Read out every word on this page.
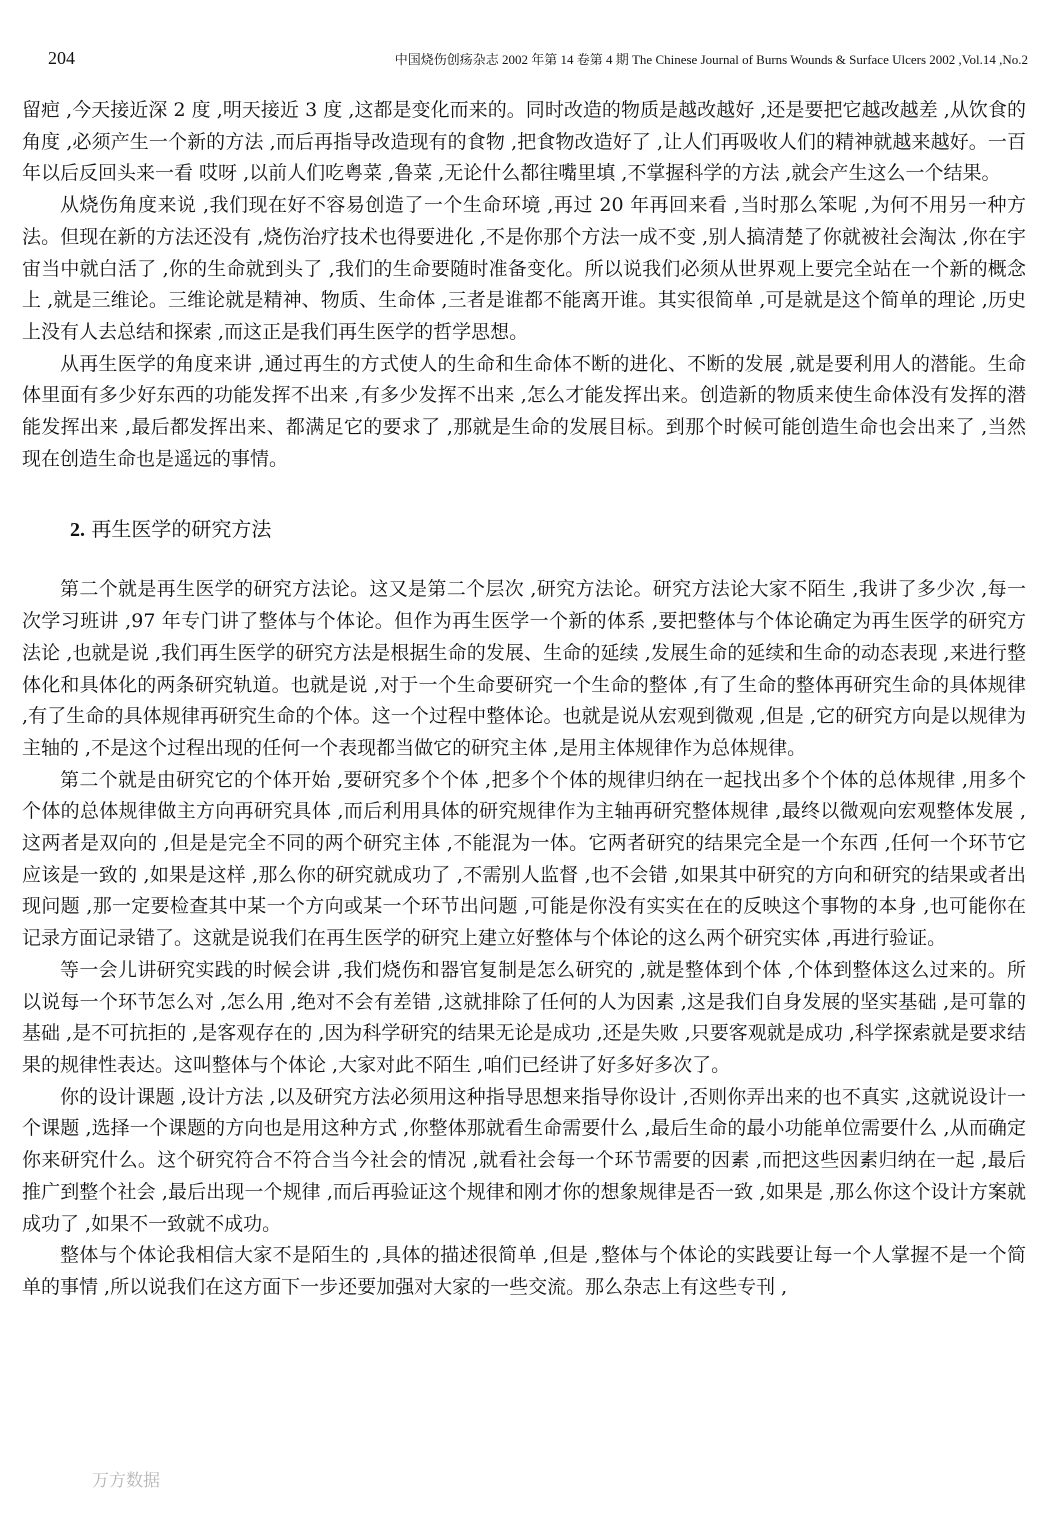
204	中国烧伤创疡杂志 2002 年第 14 卷第 4 期 The Chinese Journal of Burns Wounds & Surface Ulcers 2002 ,Vol.14 ,No.2

留疤 ,今天接近深 2 度 ,明天接近 3 度 ,这都是变化而来的。同时改造的物质是越改越好 ,还是要把它越改越差 ,从饮食的角度 ,必须产生一个新的方法 ,而后再指导改造现有的食物 ,把食物改造好了 ,让人们再吸收人们的精神就越来越好。一百年以后反回头来一看 哎呀 ,以前人们吃粤菜 ,鲁菜 ,无论什么都往嘴里填 ,不掌握科学的方法 ,就会产生这么一个结果。

从烧伤角度来说 ,我们现在好不容易创造了一个生命环境 ,再过 20 年再回来看 ,当时那么笨呢 ,为何不用另一种方法。但现在新的方法还没有 ,烧伤治疗技术也得要进化 ,不是你那个方法一成不变 ,别人搞清楚了你就被社会淘汰 ,你在宇宙当中就白活了 ,你的生命就到头了 ,我们的生命要随时准备变化。所以说我们必须从世界观上要完全站在一个新的概念上 ,就是三维论。三维论就是精神、物质、生命体 ,三者是谁都不能离开谁。其实很简单 ,可是就是这个简单的理论 ,历史上没有人去总结和探索 ,而这正是我们再生医学的哲学思想。

从再生医学的角度来讲 ,通过再生的方式使人的生命和生命体不断的进化、不断的发展 ,就是要利用人的潜能。生命体里面有多少好东西的功能发挥不出来 ,有多少发挥不出来 ,怎么才能发挥出来。创造新的物质来使生命体没有发挥的潜能发挥出来 ,最后都发挥出来、都满足它的要求了 ,那就是生命的发展目标。到那个时候可能创造生命也会出来了 ,当然现在创造生命也是遥远的事情。

2. 再生医学的研究方法

第二个就是再生医学的研究方法论。这又是第二个层次 ,研究方法论。研究方法论大家不陌生 ,我讲了多少次 ,每一次学习班讲 ,97 年专门讲了整体与个体论。但作为再生医学一个新的体系 ,要把整体与个体论确定为再生医学的研究方法论 ,也就是说 ,我们再生医学的研究方法是根据生命的发展、生命的延续 ,发展生命的延续和生命的动态表现 ,来进行整体化和具体化的两条研究轨道。也就是说 ,对于一个生命要研究一个生命的整体 ,有了生命的整体再研究生命的具体规律 ,有了生命的具体规律再研究生命的个体。这一个过程中整体论。也就是说从宏观到微观 ,但是 ,它的研究方向是以规律为主轴的 ,不是这个过程出现的任何一个表现都当做它的研究主体 ,是用主体规律作为总体规律。

第二个就是由研究它的个体开始 ,要研究多个个体 ,把多个个体的规律归纳在一起找出多个个体的总体规律 ,用多个个体的总体规律做主方向再研究具体 ,而后利用具体的研究规律作为主轴再研究整体规律 ,最终以微观向宏观整体发展 ,这两者是双向的 ,但是是完全不同的两个研究主体 ,不能混为一体。它两者研究的结果完全是一个东西 ,任何一个环节它应该是一致的 ,如果是这样 ,那么你的研究就成功了 ,不需别人监督 ,也不会错 ,如果其中研究的方向和研究的结果或者出现问题 ,那一定要检查其中某一个方向或某一个环节出问题 ,可能是你没有实实在在的反映这个事物的本身 ,也可能你在记录方面记录错了。这就是说我们在再生医学的研究上建立好整体与个体论的这么两个研究实体 ,再进行验证。

等一会儿讲研究实践的时候会讲 ,我们烧伤和器官复制是怎么研究的 ,就是整体到个体 ,个体到整体这么过来的。所以说每一个环节怎么对 ,怎么用 ,绝对不会有差错 ,这就排除了任何的人为因素 ,这是我们自身发展的坚实基础 ,是可靠的基础 ,是不可抗拒的 ,是客观存在的 ,因为科学研究的结果无论是成功 ,还是失败 ,只要客观就是成功 ,科学探索就是要求结果的规律性表达。这叫整体与个体论 ,大家对此不陌生 ,咱们已经讲了好多好多次了。

你的设计课题 ,设计方法 ,以及研究方法必须用这种指导思想来指导你设计 ,否则你弄出来的也不真实 ,这就说设计一个课题 ,选择一个课题的方向也是用这种方式 ,你整体那就看生命需要什么 ,最后生命的最小功能单位需要什么 ,从而确定你来研究什么。这个研究符合不符合当今社会的情况 ,就看社会每一个环节需要的因素 ,而把这些因素归纳在一起 ,最后推广到整个社会 ,最后出现一个规律 ,而后再验证这个规律和刚才你的想象规律是否一致 ,如果是 ,那么你这个设计方案就成功了 ,如果不一致就不成功。

整体与个体论我相信大家不是陌生的 ,具体的描述很简单 ,但是 ,整体与个体论的实践要让每一个人掌握不是一个简单的事情 ,所以说我们在这方面下一步还要加强对大家的一些交流。那么杂志上有这些专刊 ,

万方数据
